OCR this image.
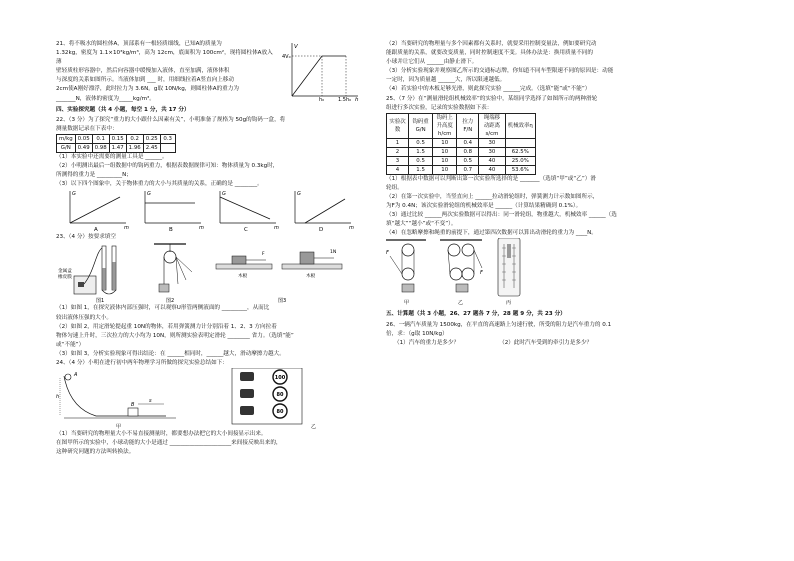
21、将不吸水的圆柱体A，顶部系有一根轻质细线，已知A的质量为

1.32kg，密度为 1.1×10³kg/m³，高为 12cm，底面积为 100cm²，现将圆柱体A放入薄

壁轻质柱形容器中，然后向容器中缓慢加入液体，直至加满，液体体积

与深度的关系如图所示。当液体加到 ___ 时，用细线拉着A竖直向上移动

2cm使A刚好漂浮，此时拉力为 3.6N。g取 10N/kg，则圆柱体A的重力为

_______N，液体的密度为_____kg/m³。

V
4V₀
h₀	1.5h₀ h

四、实验探究题（共 4 小题，每空 1 分，共 17 分）

22、（3 分）为了探究“重力的大小跟什么因素有关”，小明准备了规格为 50g的钩码一盒，将

测量数据记录在下表中：

m/kg	0.05	0.1	0.15	0.2	0.25	0.3
G/N	0.49	0.98	1.47	1.96	2.45	

（1）本实验中还需要的测量工具是 ______。

（2）小明测出最后一组数据中的钩码重力，根据表数据规律可知：物体质量为 0.3kg时，

所测得的重力是 _________N；

（3）以下四个图象中，关于物体重力的大小与其质量的关系，正确的是 ________。

G
m
A
G
m
B
G
m
C
G
m
D

23、（4 分）按要求填空

金属盒 橡皮膜
图1	图2
木板
F
木板
1N
图3

（1）如图 1，在探究液体内部压强时，可以观察U形管两侧液面的 _________，从而比

较出液体压强的大小。

（2）如图 2，用定滑轮提起重 10N的物体，若用弹簧测力计分别沿着 1、2、3 方向拉着

物体匀速上升时，三次拉力的大小均为 10N，则所测实验表明定滑轮 ________ 省力。（选填“能”

或“不能”）

（3）如图 3，分析实验现象可得出结论：在 ______相同时，______越大，滑动摩擦力越大。

24、（4 分）小明在进行初中两年物理学习所做的探究实验总结如下：

A
h
B
s
甲
100
80
80
乙

（1）当要研究的物理量大小不易直接测量时，都要想办法把它的大小间接显示出来。

在图甲所示的实验中，小球动能的大小是通过 ______________________来间接反映出来的，

这种研究问题的方法叫转换法。

（2）当要研究的物理量与多个因素都有关系时，就要采用控制变量法，例如要研究动

能跟质量的关系，就要改变质量，同时控制速度不变。具体办法是：换用质量不同的

小球并让它们从 ______由静止滑下。

（3）分析实验现象并观察图乙所示的交通标志牌，你知道不同车型限速不同的原因是：动能

一定时，因为质量越 ______大，所以限速越低。

（4）若实验中的木板足够光滑，则此探究实验 ______完成。（选填“能”或“不能”）

25、（7 分）在“测量滑轮组机械效率”的实验中，某组同学选择了如图所示的两种滑轮

组进行多次实验，记录的实验数据如下表：

实验次数	钩码重G/N	钩码上升高度h/cm	拉力F/N	绳端移动距离s/cm	机械效率η
1	0.5	10	0.4	30	
2	1.5	10	0.8	30	62.5%
3	0.5	10	0.5	40	25.0%
4	1.5	10	0.7	40	53.6%

（1）根据表中数据可以判断出第一次实验所选择的是 _______（选填“甲”或“乙”）滑

轮组。

（2）在第一次实验中，当竖直向上 ______拉动滑轮组时，弹簧测力计示数如图所示，

为F为 0.4N；该次实验滑轮组的机械效率是 ______（计算结果精确到 0.1%）。

（3）通过比较 ______两次实验数据可以得出：同一滑轮组，物重越大，机械效率 ______（选

填“越大”“越小”或“不变”）。

（4）在忽略摩擦和绳重的前提下，通过第四次数据可以算出动滑轮的重力为 ____N。

F
甲
F
乙	丙

五、计算题（共 3 小题，26、27 题各 7 分，28 题 9 分，共 23 分）

26、一辆汽车质量为 1500kg，在平直的高速路上匀速行驶，所受的阻力是汽车重力的 0.1

倍，求：（g取 10N/kg）

（1）汽车的重力是多少？	（2）此时汽车受到的牵引力是多少？
